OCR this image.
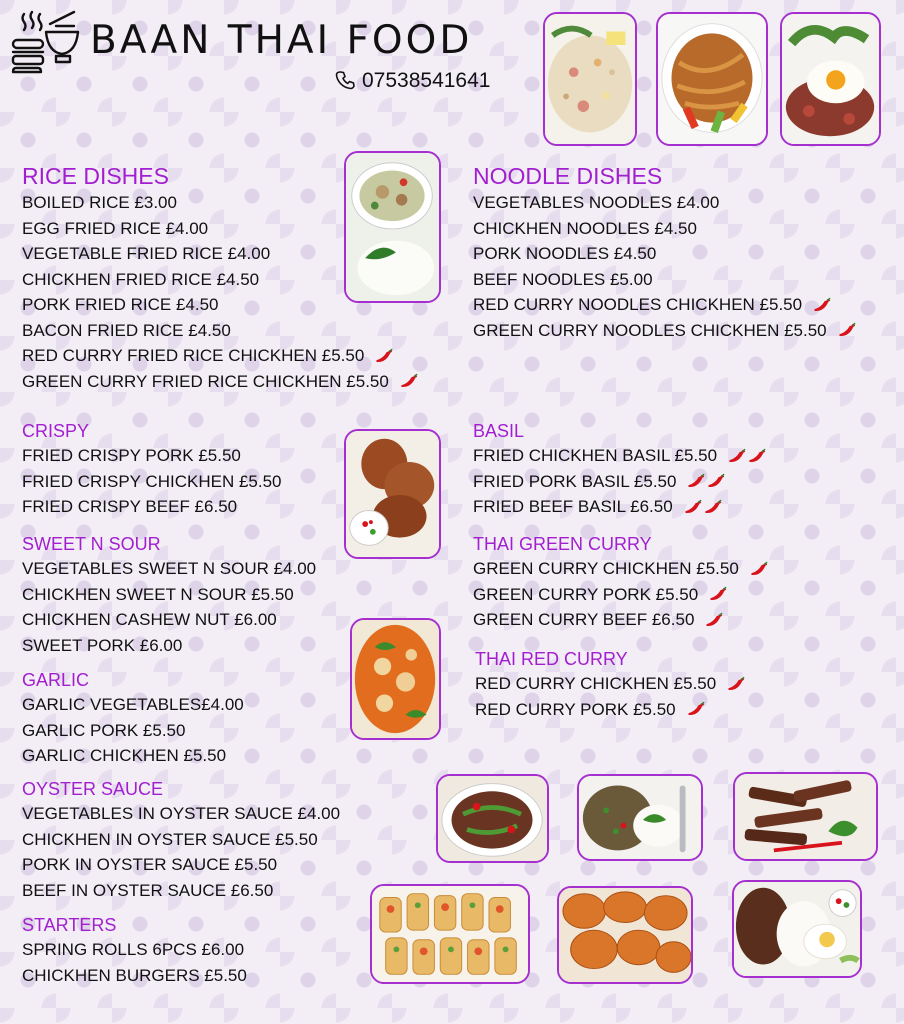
BAAN THAI FOOD
07538541641
RICE DISHES
BOILED RICE £3.00
EGG FRIED RICE £4.00
VEGETABLE FRIED RICE £4.00
CHICKHEN FRIED RICE £4.50
PORK FRIED RICE £4.50
BACON FRIED RICE £4.50
RED CURRY FRIED RICE CHICKHEN £5.50
GREEN CURRY FRIED RICE CHICKHEN £5.50
NOODLE DISHES
VEGETABLES NOODLES £4.00
CHICKHEN NOODLES £4.50
PORK NOODLES £4.50
BEEF NOODLES £5.00
RED CURRY NOODLES CHICKHEN £5.50
GREEN CURRY NOODLES CHICKHEN £5.50
CRISPY
FRIED CRISPY PORK £5.50
FRIED CRISPY CHICKHEN £5.50
FRIED CRISPY BEEF £6.50
BASIL
FRIED CHICKHEN BASIL £5.50
FRIED PORK BASIL £5.50
FRIED BEEF BASIL £6.50
SWEET N SOUR
VEGETABLES SWEET N SOUR £4.00
CHICKHEN SWEET N SOUR £5.50
CHICKHEN CASHEW NUT £6.00
SWEET PORK £6.00
THAI GREEN CURRY
GREEN CURRY CHICKHEN £5.50
GREEN CURRY PORK £5.50
GREEN CURRY BEEF £6.50
GARLIC
GARLIC VEGETABLES£4.00
GARLIC PORK £5.50
GARLIC CHICKHEN £5.50
THAI RED CURRY
RED CURRY CHICKHEN £5.50
RED CURRY PORK £5.50
OYSTER SAUCE
VEGETABLES IN OYSTER SAUCE £4.00
CHICKHEN IN OYSTER SAUCE £5.50
PORK IN OYSTER SAUCE £5.50
BEEF IN OYSTER SAUCE £6.50
STARTERS
SPRING ROLLS 6PCS £6.00
CHICKHEN BURGERS £5.50
